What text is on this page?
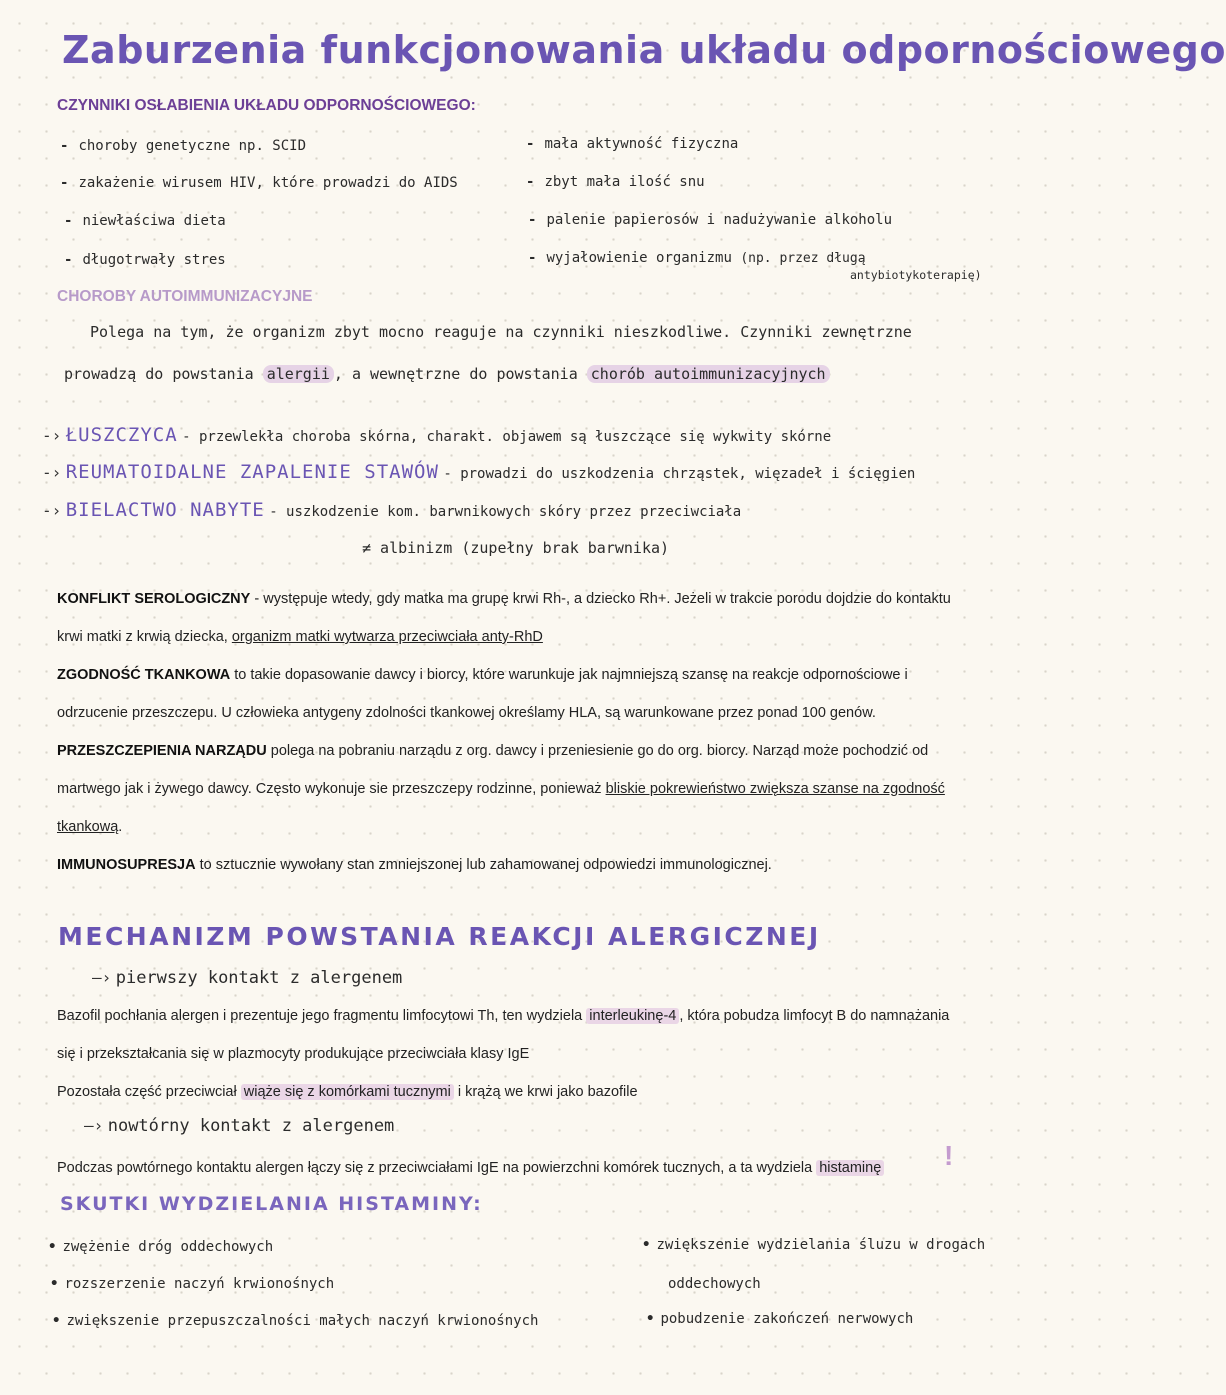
Zaburzenia funkcjonowania układu odpornościowego
CZYNNIKI OSŁABIENIA UKŁADU ODPORNOŚCIOWEGO:
- choroby genetyczne np. SCID
- zakażenie wirusem HIV, które prowadzi do AIDS
- niewłaściwa dieta
- długotrwały stres
- mała aktywność fizyczna
- zbyt mała ilość snu
- palenie papierosów i nadużywanie alkoholu
- wyjałowienie organizmu (np. przez długą
antybiotykoterapię)
CHOROBY AUTOIMMUNIZACYJNE
Polega na tym, że organizm zbyt mocno reaguje na czynniki nieszkodliwe. Czynniki zewnętrzne
prowadzą do powstania alergii , a wewnętrzne do powstania chorób autoimmunizacyjnych
-› ŁUSZCZYCA - przewlekła choroba skórna, charakt. objawem są łuszczące się wykwity skórne
-› REUMATOIDALNE ZAPALENIE STAWÓW - prowadzi do uszkodzenia chrząstek, więzadeł i ścięgien
-› BIELACTWO NABYTE - uszkodzenie kom. barwnikowych skóry przez przeciwciała
≠ albinizm (zupełny brak barwnika)
KONFLIKT SEROLOGICZNY - występuje wtedy, gdy matka ma grupę krwi Rh-, a dziecko Rh+. Jeżeli w trakcie porodu dojdzie do kontaktu
krwi matki z krwią dziecka, organizm matki wytwarza przeciwciała anty-RhD
ZGODNOŚĆ TKANKOWA to takie dopasowanie dawcy i biorcy, które warunkuje jak najmniejszą szansę na reakcje odpornościowe i
odrzucenie przeszczepu. U człowieka antygeny zdolności tkankowej określamy HLA, są warunkowane przez ponad 100 genów.
PRZESZCZEPIENIA NARZĄDU polega na pobraniu narządu z org. dawcy i przeniesienie go do org. biorcy. Narząd może pochodzić od
martwego jak i żywego dawcy. Często wykonuje sie przeszczepy rodzinne, ponieważ bliskie pokrewieństwo zwiększa szanse na zgodność
tkankową.
IMMUNOSUPRESJA to sztucznie wywołany stan zmniejszonej lub zahamowanej odpowiedzi immunologicznej.
MECHANIZM POWSTANIA REAKCJI ALERGICZNEJ
—› pierwszy kontakt z alergenem
Bazofil pochłania alergen i prezentuje jego fragmentu limfocytowi Th, ten wydziela interleukinę-4 , która pobudza limfocyt B do namnażania
się i przekształcania się w plazmocyty produkujące przeciwciała klasy IgE
Pozostała część przeciwciał wiąże się z komórkami tucznymi i krążą we krwi jako bazofile
—› nowtórny kontakt z alergenem
Podczas powtórnego kontaktu alergen łączy się z przeciwciałami IgE na powierzchni komórek tucznych, a ta wydziela histaminę !
SKUTKI WYDZIELANIA HISTAMINY:
• zwężenie dróg oddechowych
• rozszerzenie naczyń krwionośnych
• zwiększenie przepuszczalności małych naczyń krwionośnych
• zwiększenie wydzielania śluzu w drogach
oddechowych
• pobudzenie zakończeń nerwowych
